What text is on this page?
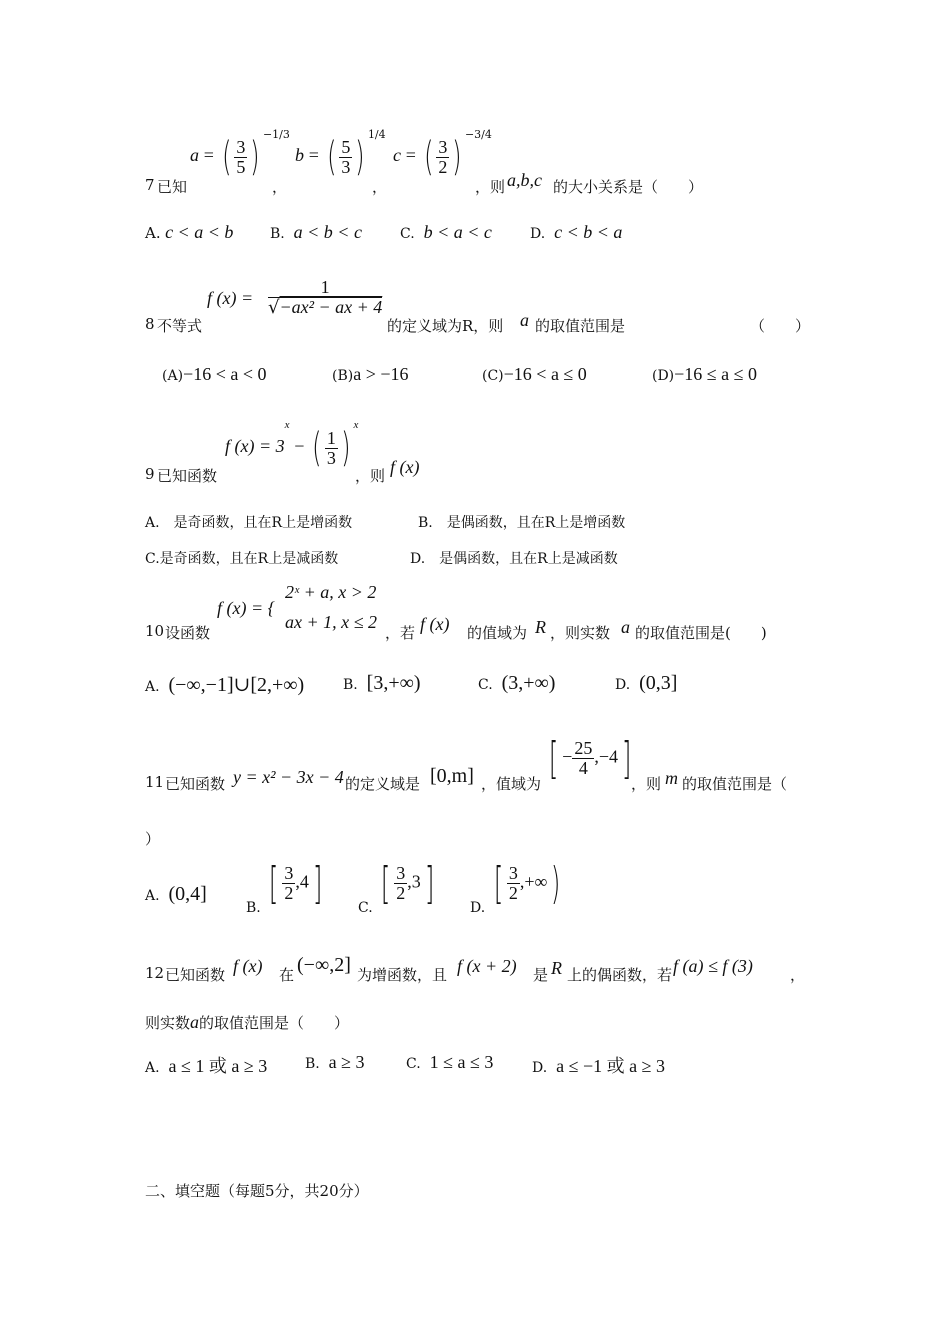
7 已知
a = ( $\frac{3}{5}$ ) $^{-1/3}$
，
b = ( $\frac{5}{3}$ ) $^{1/4}$
，
c = ( $\frac{3}{2}$ ) $^{-3/4}$
，则 a,b,c 的大小关系是（　　）
A. c < a < b	B. a < b < c	C. b < a < c	D. c < b < a
8 不等式
f $(x) = \frac{1}{\text{√−ax² − ax + 4}}$
的定义域为R，则 a 的取值范围是	（　　）
(A)−16 < a < 0	(B)a > −16	(C)−16 < a ≤ 0	(D)−16 ≤ a ≤ 0
9 已知函数
f $(x) = 3^x$ − ( $\frac{1}{3}$ ) $^x$
，则 f (x)
A.　是奇函数，且在R上是增函数	B.　是偶函数，且在R上是增函数
C.是奇函数，且在R上是减函数	D.　是偶函数，且在R上是减函数
10 设函数
f (x) = {
2ˣ + a, x > 2
ax + 1, x ≤ 2
，若 f (x) 的值域为 R ，则实数 a 的取值范围是(　　)
A. (−∞,−1]∪[2,+∞)	B. [3,+∞)	C. (3,+∞)	D. (0,3]
11 已知函数 y = x² − 3x − 4 的定义域是 [0,m] ，值域为 [ − $\frac{25}{4} ,-4$] ，则 m 的取值范围是（
）
A. (0,4]
B. [ $\frac{3}{2} ,4$]	C. [ $\frac{3}{2} ,3$]	D. [ $\frac{3}{2}$ ,+∞)
12 已知函数 f (x) 在 (−∞,2] 为增函数，且 f (x + 2) 是 R 上的偶函数，若 f (a) ≤ f (3) ，
则实数a的取值范围是（　　）
A. a ≤ 1 或 a ≥ 3	B. a ≥ 3	C. 1 ≤ a ≤ 3	D. a ≤ −1 或 a ≥ 3
二、填空题（每题5分，共20分）
